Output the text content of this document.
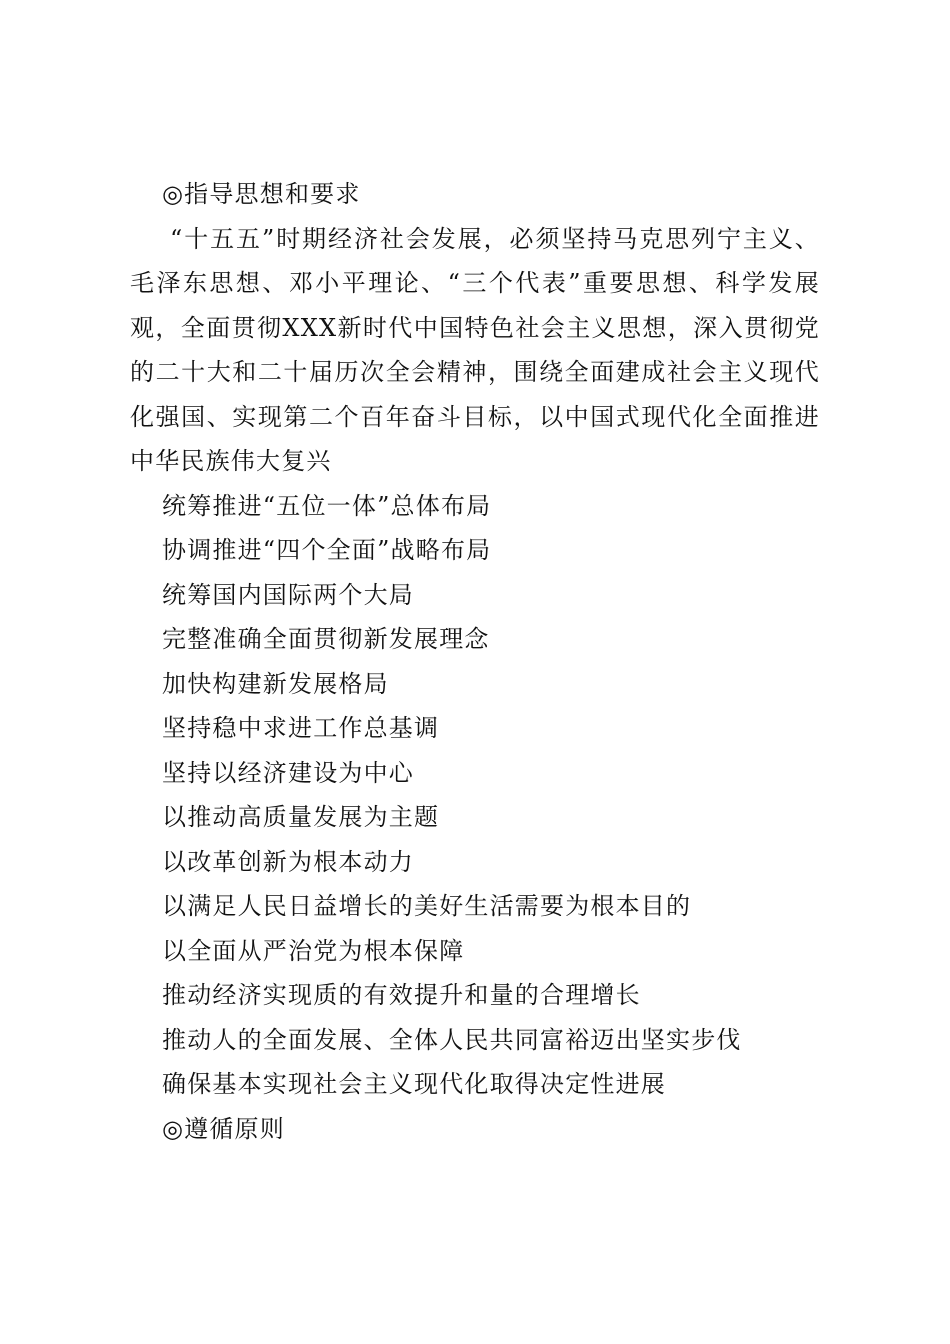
◎指导思想和要求

“十五五”时期经济社会发展，必须坚持马克思列宁主义、毛泽东思想、邓小平理论、“三个代表”重要思想、科学发展观，全面贯彻XXX新时代中国特色社会主义思想，深入贯彻党的二十大和二十届历次全会精神，围绕全面建成社会主义现代化强国、实现第二个百年奋斗目标，以中国式现代化全面推进中华民族伟大复兴

统筹推进“五位一体”总体布局
协调推进“四个全面”战略布局
统筹国内国际两个大局
完整准确全面贯彻新发展理念
加快构建新发展格局
坚持稳中求进工作总基调
坚持以经济建设为中心
以推动高质量发展为主题
以改革创新为根本动力
以满足人民日益增长的美好生活需要为根本目的
以全面从严治党为根本保障
推动经济实现质的有效提升和量的合理增长
推动人的全面发展、全体人民共同富裕迈出坚实步伐
确保基本实现社会主义现代化取得决定性进展
◎遵循原则
